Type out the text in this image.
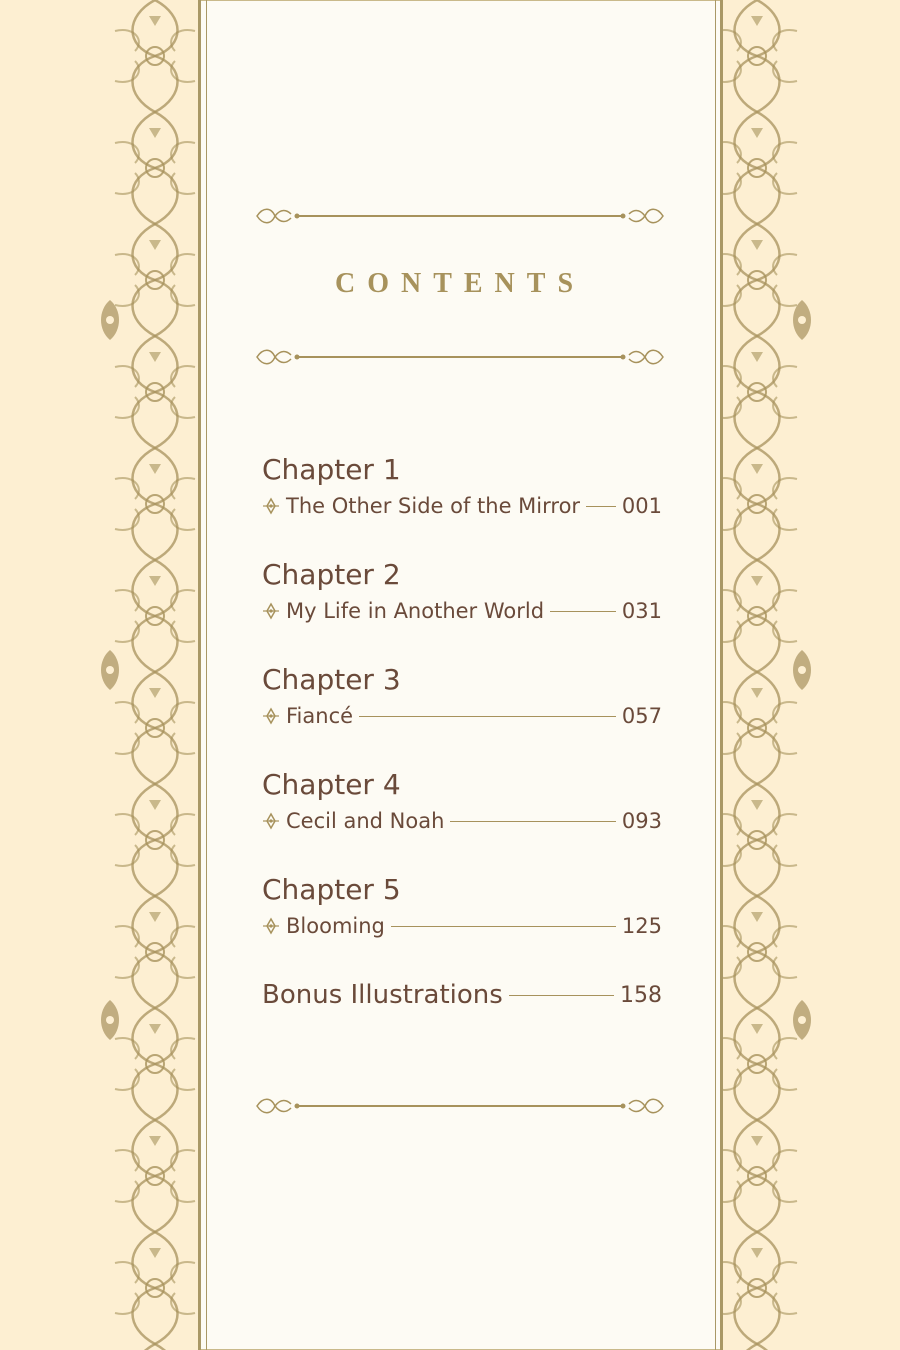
CONTENTS
Chapter 1
The Other Side of the Mirror 001
Chapter 2
My Life in Another World	031
Chapter 3
Fiancé	057
Chapter 4
Cecil and Noah	093
Chapter 5
Blooming	125
Bonus Illustrations	158
